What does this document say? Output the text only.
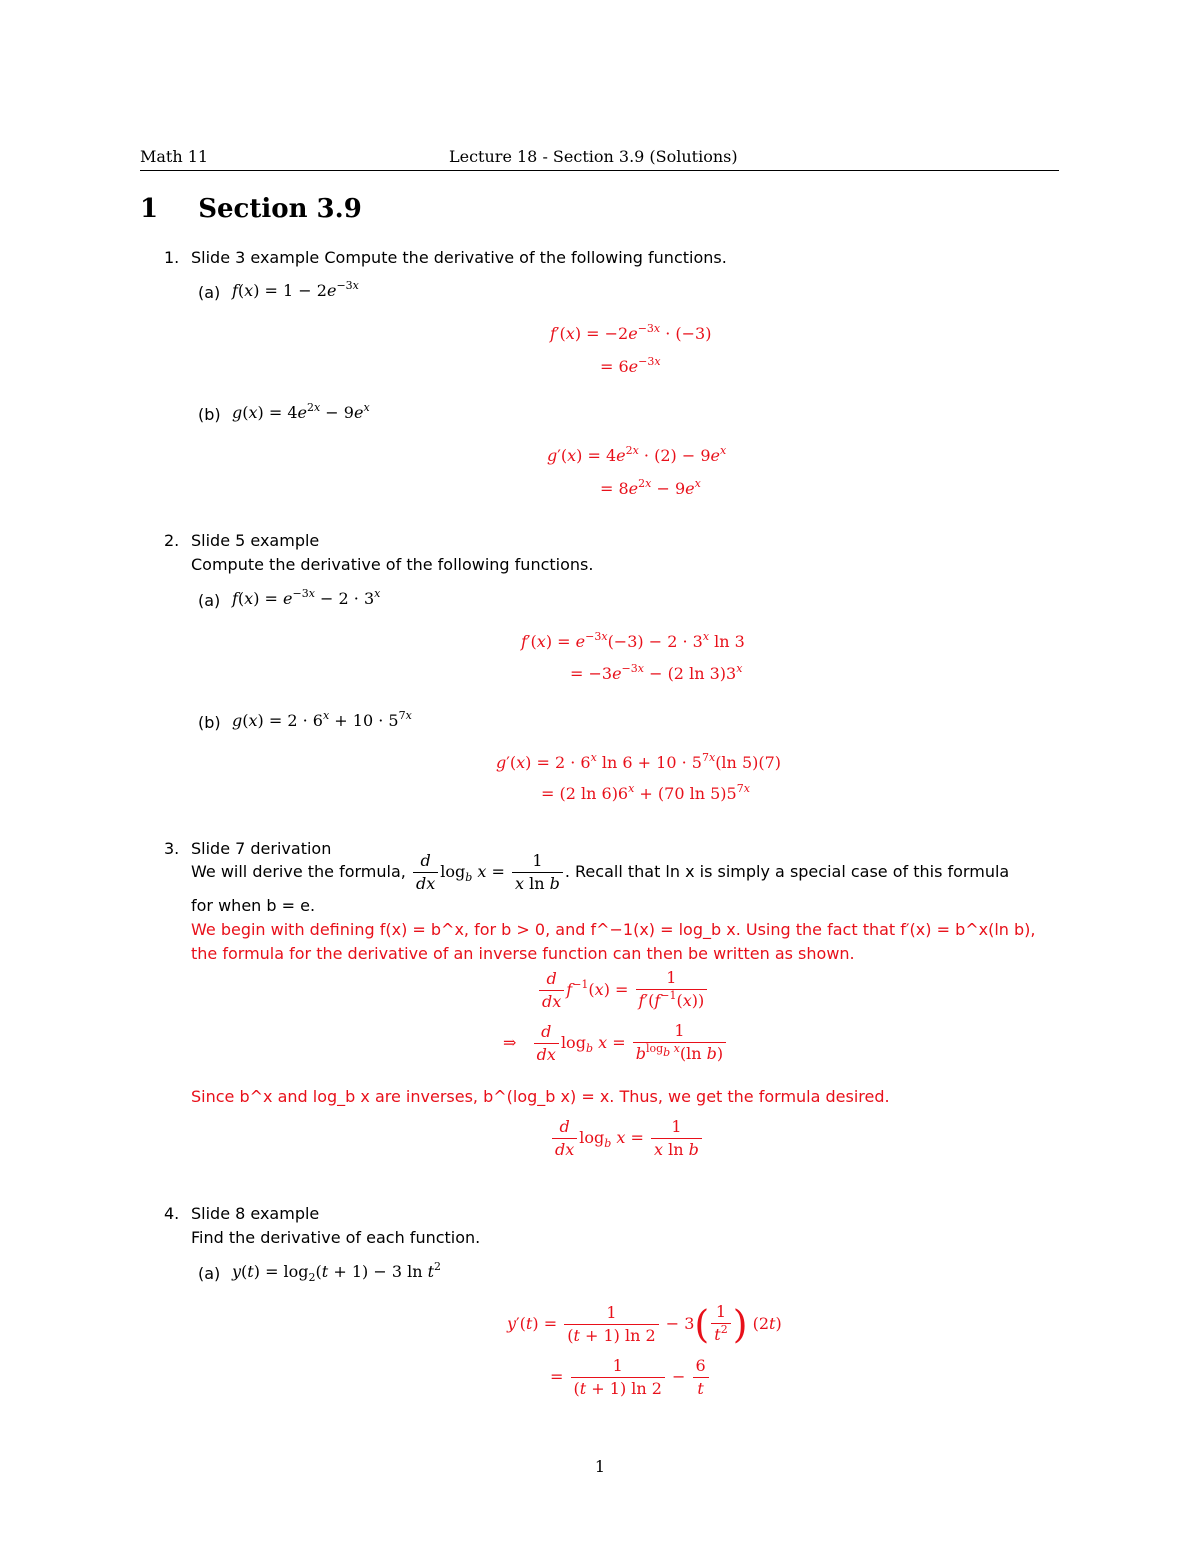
Math 11	Lecture 18 - Section 3.9 (Solutions)
1 Section 3.9
1. Slide 3 example Compute the derivative of the following functions.
(a) $f(x) = 1 - 2e^{-3x}$
$f'(x) = -2e^{-3x} \cdot (-3)$
= $6e^{-3x}$
(b) $g(x) = 4e^{2x} - 9e^x$
$g'(x) = 4e^{2x} \cdot (2) - 9e^x$
= $8e^{2x} - 9e^x$
2. Slide 5 example
Compute the derivative of the following functions.
(a) $f(x) = e^{-3x} - 2 \cdot 3^x$
$f'(x) = e^{-3x}(-3) - 2 \cdot 3^x$ ln 3
= $-3e^{-3x} - (2$ ln 3)3$^x$
(b) $g(x) = 2 \cdot 6^x + 10 \cdot 5^{7x}$
$g'(x) = 2 \cdot 6^x$ $\ln 6 + 10 \cdot 5^{7x}(\ln$ 5)(7)
= (2 $\ln 6)6^x + (70$ $\ln 5)5^{7x}$
3. Slide 7 derivation
We will derive the formula, $\frac{d}{dx} \log_b x = \frac{1}{\text{x ln b}}$ . Recall that ln x is simply a special case of this formula
for when b = e.
We begin with defining f(x) = b^x, for b > 0, and f^−1(x) = log_b x. Using the fact that f′(x) = b^x(ln b),
the formula for the derivative of an inverse function can then be written as shown.
$\frac{d}{dx} f^{-1}(x) = \frac{1}{f'(f^{-1}(x))}$
⇒ $\frac{d}{dx} \log_b x = \frac{1}{b^{log_b x}(\ln b)}$
Since b^x and log_b x are inverses, b^(log_b x) = x. Thus, we get the formula desired.
$\frac{d}{dx} \log_b x = \frac{1}{\text{x ln b}}$
4. Slide 8 example
Find the derivative of each function.
(a) $y(t) = \log_2(t + 1) - 3$ $\ln t^2$
$y'(t) = \frac{1}{(t + 1) \ln 2} - 3( \frac{1}{t^2}$ ) (2t)
= $\frac{1}{(t + 1) \ln 2} - \frac{6}{t}$
1
